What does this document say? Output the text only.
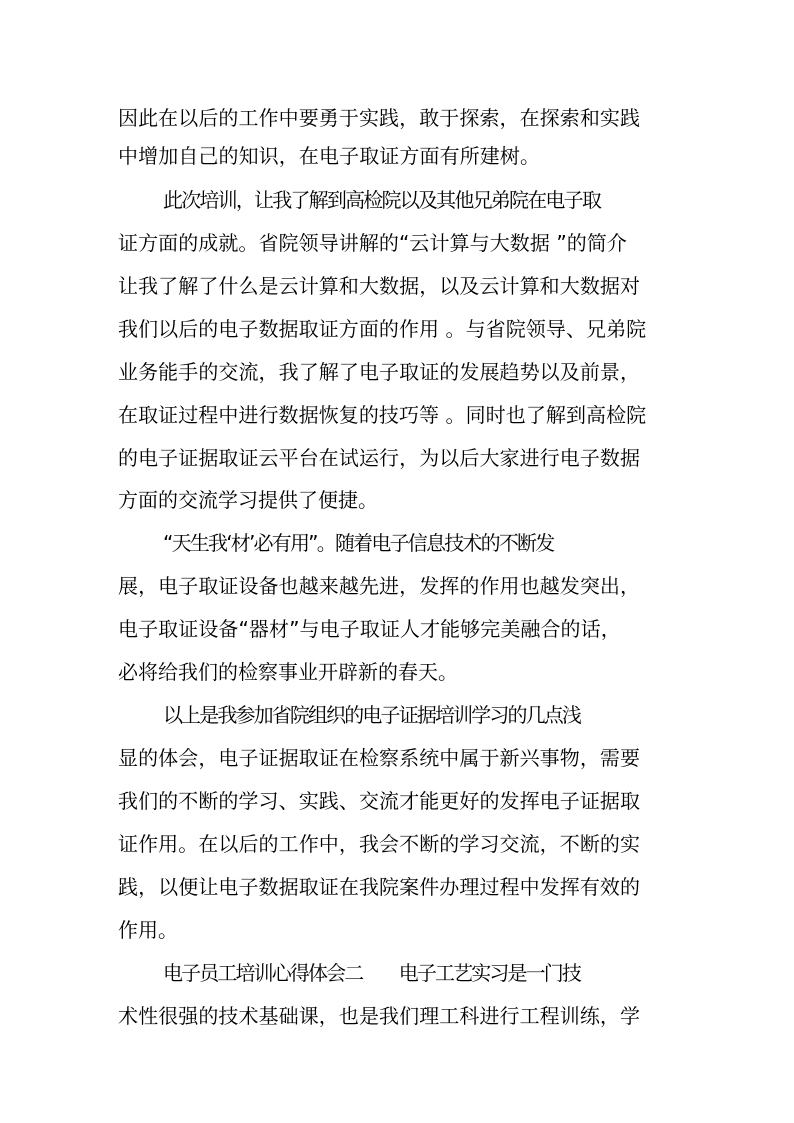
因此在以后的工作中要勇于实践，敢于探索，在探索和实践
中增加自己的知识，在电子取证方面有所建树。
此次培训，让我了解到高检院以及其他兄弟院在电子取
证方面的成就。省院领导讲解的“云计算与大数据 ”的简介
让我了解了什么是云计算和大数据，以及云计算和大数据对
我们以后的电子数据取证方面的作用 。与省院领导、兄弟院
业务能手的交流，我了解了电子取证的发展趋势以及前景，
在取证过程中进行数据恢复的技巧等 。同时也了解到高检院
的电子证据取证云平台在试运行，为以后大家进行电子数据
方面的交流学习提供了便捷。
“天生我‘材’必有用”。随着电子信息技术的不断发
展，电子取证设备也越来越先进，发挥的作用也越发突出，
电子取证设备“器材”与电子取证人才能够完美融合的话，
必将给我们的检察事业开辟新的春天。
以上是我参加省院组织的电子证据培训学习的几点浅
显的体会，电子证据取证在检察系统中属于新兴事物，需要
我们的不断的学习、实践、交流才能更好的发挥电子证据取
证作用。在以后的工作中，我会不断的学习交流，不断的实
践，以便让电子数据取证在我院案件办理过程中发挥有效的
作用。
电子员工培训心得体会二　　电子工艺实习是一门技
术性很强的技术基础课，也是我们理工科进行工程训练，学
